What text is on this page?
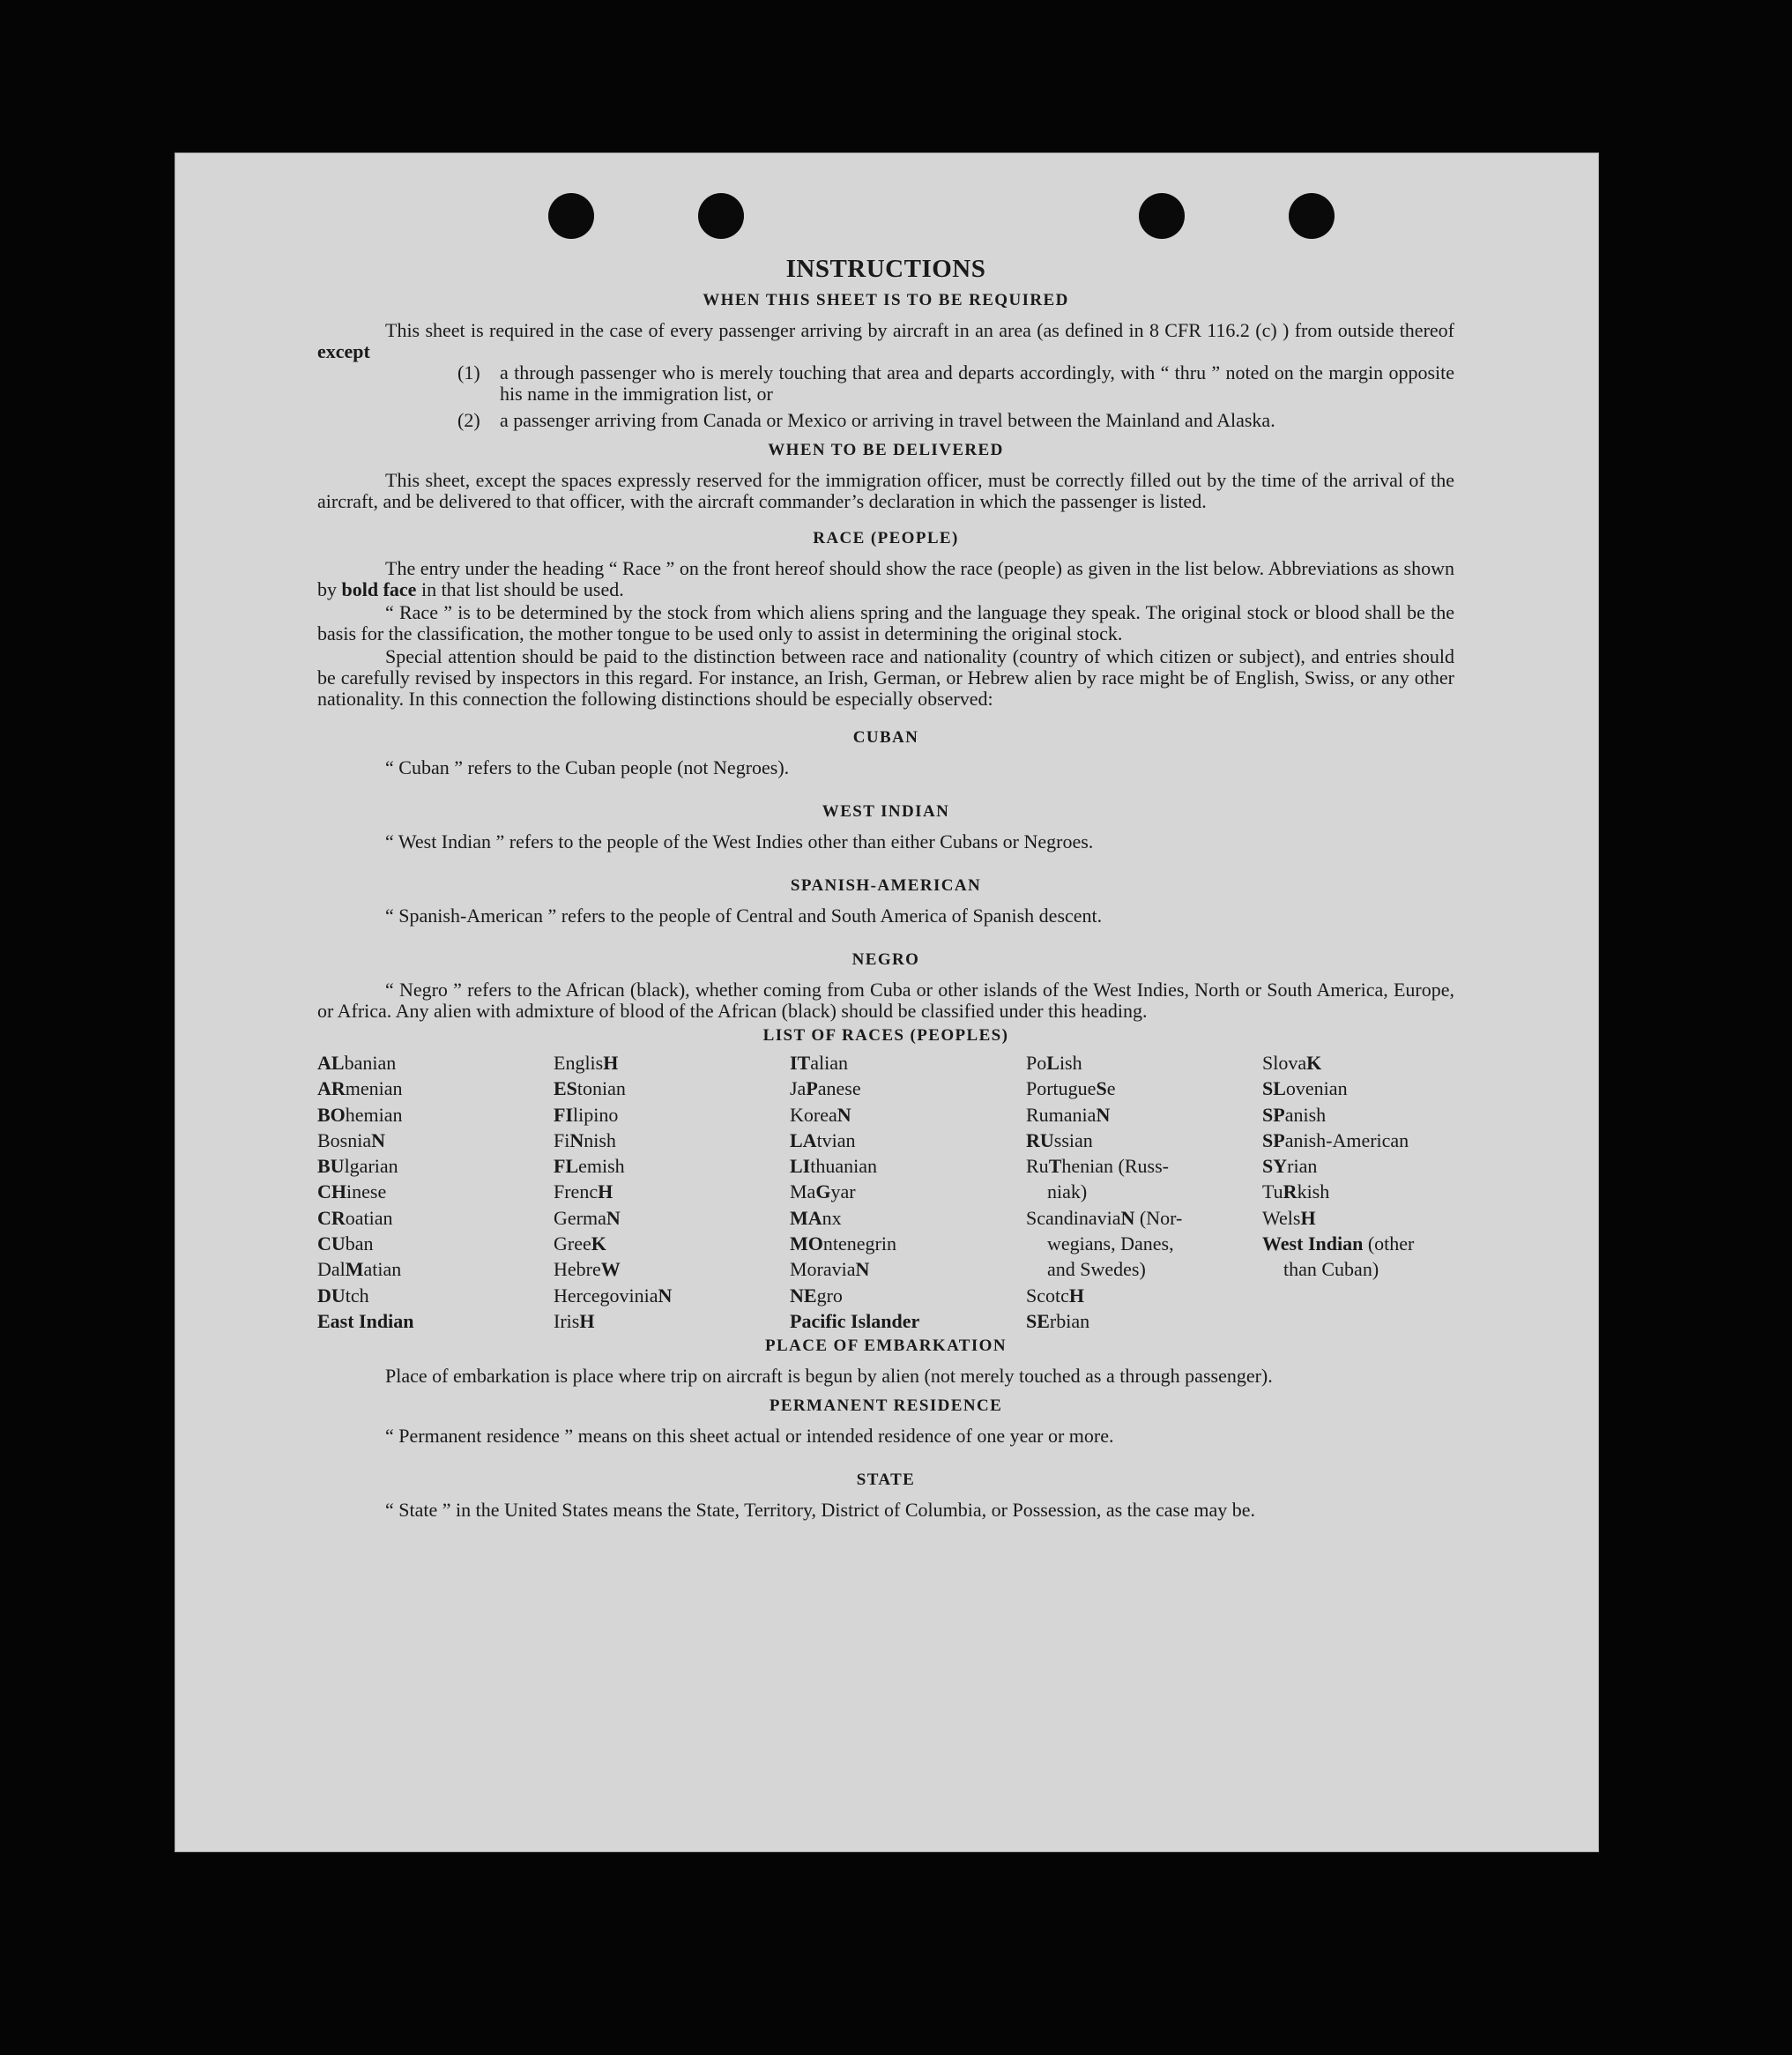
INSTRUCTIONS
WHEN THIS SHEET IS TO BE REQUIRED

This sheet is required in the case of every passenger arriving by aircraft in an area (as defined in 8 CFR 116.2 (c) ) from outside thereof except

(1)	a through passenger who is merely touching that area and departs accordingly, with “ thru ” noted on the margin opposite his name in the immigration list, or
(2)	a passenger arriving from Canada or Mexico or arriving in travel between the Mainland and Alaska.
WHEN TO BE DELIVERED

This sheet, except the spaces expressly reserved for the immigration officer, must be correctly filled out by the time of the arrival of the aircraft, and be delivered to that officer, with the aircraft commander’s declaration in which the passenger is listed.

RACE (PEOPLE)

The entry under the heading “ Race ” on the front hereof should show the race (people) as given in the list below. Abbreviations as shown by bold face in that list should be used.

“ Race ” is to be determined by the stock from which aliens spring and the language they speak. The original stock or blood shall be the basis for the classification, the mother tongue to be used only to assist in determining the original stock.

Special attention should be paid to the distinction between race and nationality (country of which citizen or subject), and entries should be carefully revised by inspectors in this regard. For instance, an Irish, German, or Hebrew alien by race might be of English, Swiss, or any other nationality. In this connection the following distinctions should be especially observed:

CUBAN

“ Cuban ” refers to the Cuban people (not Negroes).

WEST INDIAN

“ West Indian ” refers to the people of the West Indies other than either Cubans or Negroes.

SPANISH-AMERICAN

“ Spanish-American ” refers to the people of Central and South America of Spanish descent.

NEGRO

“ Negro ” refers to the African (black), whether coming from Cuba or other islands of the West Indies, North or South America, Europe, or Africa. Any alien with admixture of blood of the African (black) should be classified under this heading.

LIST OF RACES (PEOPLES)
ALbanian
ARmenian
BOhemian
BosniaN
BUlgarian
CHinese
CRoatian
CUban
DalMatian
DUtch
East Indian
EnglisH
EStonian
FIlipino
FiNnish
FLemish
FrencH
GermaN
GreeK
HebreW
HercegoviniaN
IrisH
ITalian
JaPanese
KoreaN
LAtvian
LIthuanian
MaGyar
MAnx
MOntenegrin
MoraviaN
NEgro
Pacific Islander
PoLish
PortugueSe
RumaniaN
RUssian
RuThenian (Russ-
niak)
ScandinaviaN (Nor-
wegians, Danes,
and Swedes)
ScotcH
SErbian
SlovaK
SLovenian
SPanish
SPanish-American
SYrian
TuRkish
WelsH
West Indian (other
than Cuban)
PLACE OF EMBARKATION

Place of embarkation is place where trip on aircraft is begun by alien (not merely touched as a through passenger).

PERMANENT RESIDENCE

“ Permanent residence ” means on this sheet actual or intended residence of one year or more.

STATE

“ State ” in the United States means the State, Territory, District of Columbia, or Possession, as the case may be.
